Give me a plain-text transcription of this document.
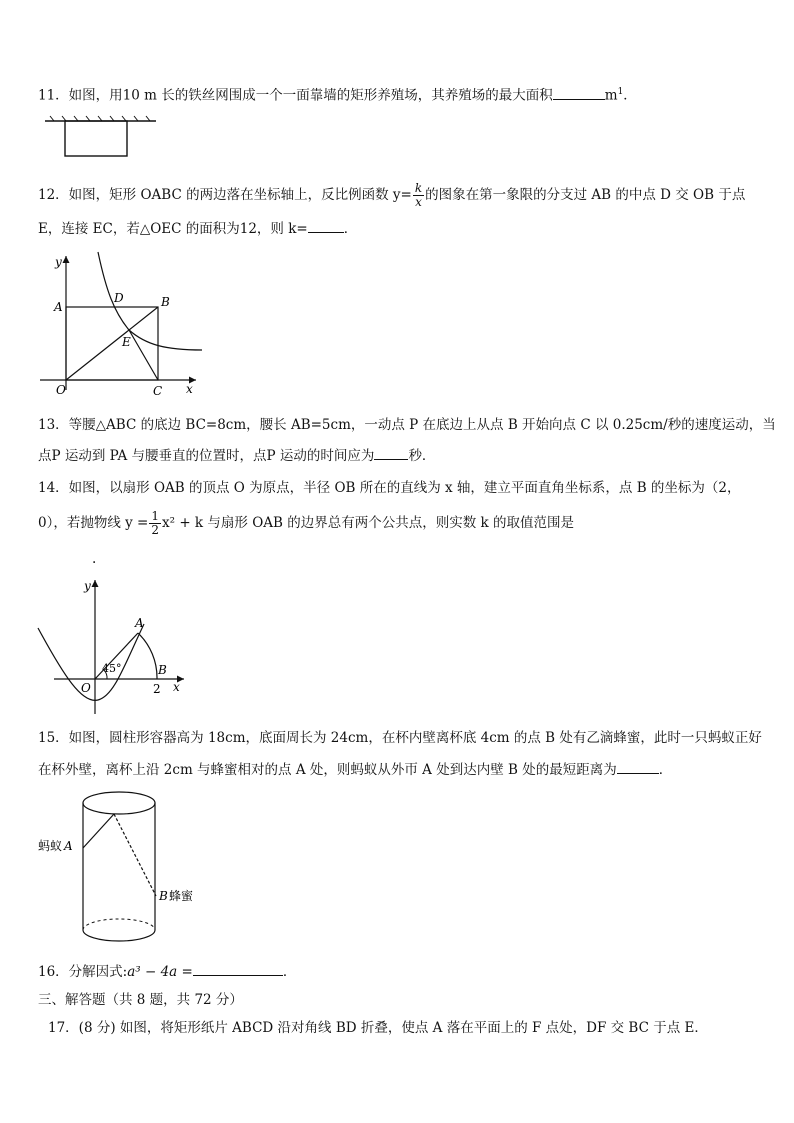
11．如图，用10 m 长的铁丝网围成一个一面靠墙的矩形养殖场，其养殖场的最大面积	$m^1$．
12．如图，矩形 OABC 的两边落在坐标轴上，反比例函数 $y= \frac{k}{x}$ 的图象在第一象限的分支过 AB 的中点 D 交 OB 于点
E，连接 EC，若△OEC 的面积为12，则 k=	．
y
A
D	B
E
O	C x
13．等腰△ABC 的底边 BC=8cm，腰长 AB=5cm，一动点 P 在底边上从点 B 开始向点 C 以 0.25cm/秒的速度运动，当
点P 运动到 PA 与腰垂直的位置时，点P 运动的时间应为	秒．
14．如图，以扇形 OAB 的顶点 O 为原点，半径 OB 所在的直线为 x 轴，建立平面直角坐标系，点 B 的坐标为（2，
0），若抛物线 $y = \frac{1}{2} x^2 + k$ 与扇形 OAB 的边界总有两个公共点，则实数 k 的取值范围是
.
y
A
45°	B
O	2 x
15．如图，圆柱形容器高为 18cm，底面周长为 24cm，在杯内壁离杯底 4cm 的点 B 处有乙滴蜂蜜，此时一只蚂蚁正好
在杯外壁，离杯上沿 2cm 与蜂蜜相对的点 A 处，则蚂蚁从外帀 A 处到达内壁 B 处的最短距离为	．
蚂蚁 A
B 蜂蜜
16．分解因式:a³ − 4a =	．
三、解答题（共 8 题，共 72 分）
17．(8 分) 如图，将矩形纸片 ABCD 沿对角线 BD 折叠，使点 A 落在平面上的 F 点处，DF 交 BC 于点 E．
